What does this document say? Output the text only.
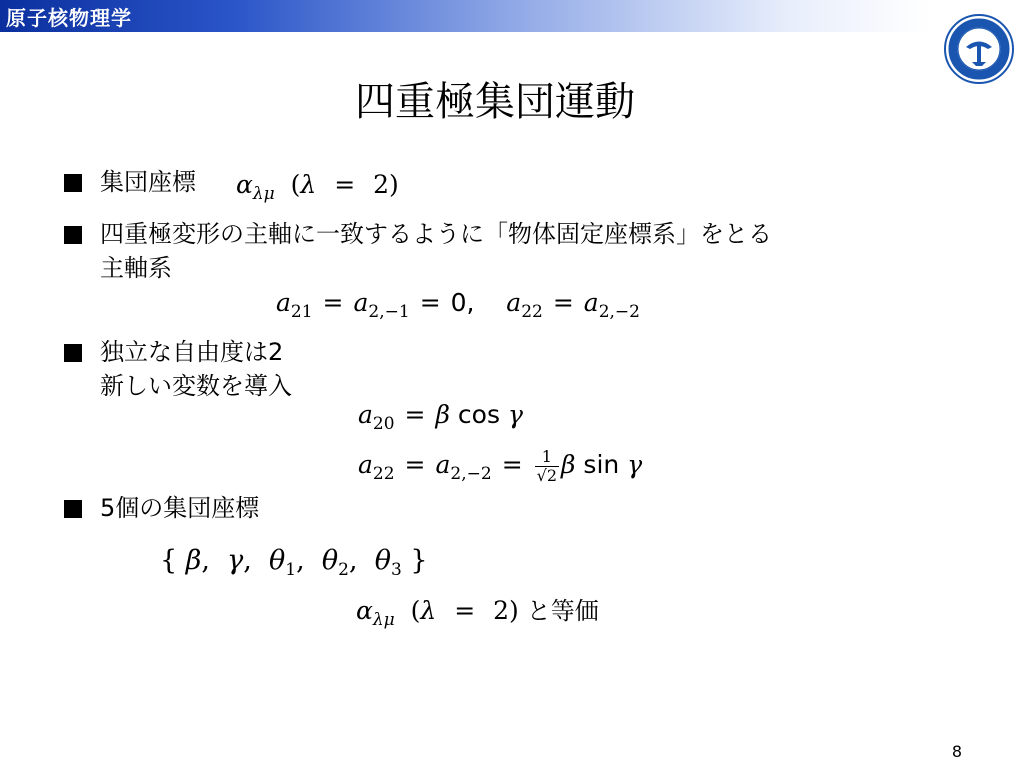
原子核物理学
四重極集団運動
集団座標 $\alpha_{\lambda\mu}$  (λ = 2)
四重極変形の主軸に一致するように「物体固定座標系」をとる
主軸系
$a_{21} = a_{2,-1} = 0$, $a_{22} = a_{2,-2}$
独立な自由度は2
新しい変数を導入
$a_{20} = \beta$ cos γ
$a_{22} = a_{2,-2} = \frac{1}{√2}$ β sin γ
5個の集団座標
{ β,  γ,  $\theta_1$,  $\theta_2$,  $\theta_3$ }
$\alpha_{\lambda\mu}$  (λ = 2) と等価
8
